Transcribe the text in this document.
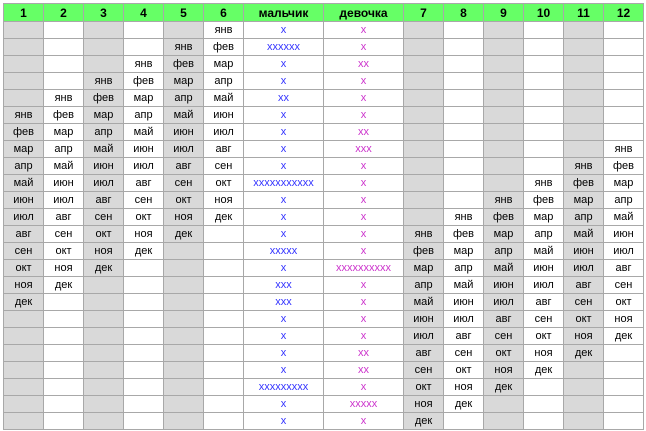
1	2	3	4	5	6	мальчик	девочка	7	8	9	10	11	12
					янв	x	x						
				янв	фев	xxxxxx	x						
			янв	фев	мар	x	xx						
		янв	фев	мар	апр	x	x						
	янв	фев	мар	апр	май	xx	x						
янв	фев	мар	апр	май	июн	x	x						
фев	мар	апр	май	июн	июл	x	xx						
мар	апр	май	июн	июл	авг	x	xxx						янв
апр	май	июн	июл	авг	сен	x	x					янв	фев
май	июн	июл	авг	сен	окт	xxxxxxxxxxx	x				янв	фев	мар
июн	июл	авг	сен	окт	ноя	x	x			янв	фев	мар	апр
июл	авг	сен	окт	ноя	дек	x	x		янв	фев	мар	апр	май
авг	сен	окт	ноя	дек		x	x	янв	фев	мар	апр	май	июн
сен	окт	ноя	дек			xxxxx	x	фев	мар	апр	май	июн	июл
окт	ноя	дек				x	xxxxxxxxxx	мар	апр	май	июн	июл	авг
ноя	дек					xxx	x	апр	май	июн	июл	авг	сен
дек						xxx	x	май	июн	июл	авг	сен	окт
						x	x	июн	июл	авг	сен	окт	ноя
						x	x	июл	авг	сен	окт	ноя	дек
						x	xx	авг	сен	окт	ноя	дек	
						x	xx	сен	окт	ноя	дек		
						xxxxxxxxx	x	окт	ноя	дек			
						x	xxxxx	ноя	дек				
						x	x	дек					
